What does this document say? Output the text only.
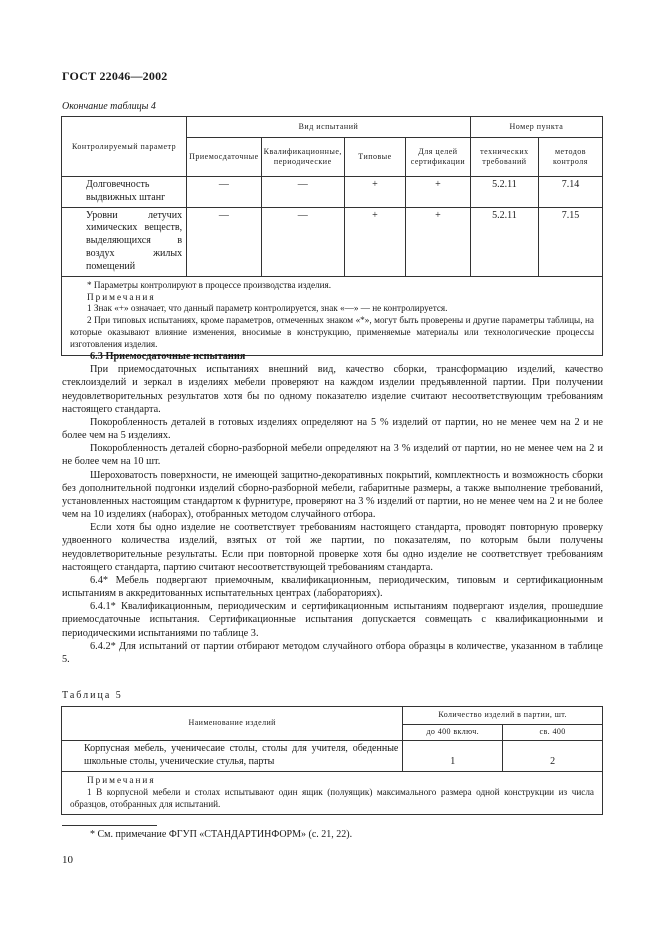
ГОСТ 22046—2002
Окончание таблицы 4
Контролируемый параметр	Вид испытаний				Номер пункта	
	Приемоcдаточные	Квалификационные, периодические	Типовые	Для целей сертификации	технических требований	методов контроля
Долговечность выдвижных штанг	—	—	+	+	5.2.11	7.14
Уровни летучих химических веществ, выделяющихся в воздух жилых помещений	—	—	+	+	5.2.11	7.15

* Параметры контролируют в процессе производства изделия.

Примечания

1 Знак «+» означает, что данный параметр контролируется, знак «—» — не контролируется.

2 При типовых испытаниях, кроме параметров, отмеченных знаком «*», могут быть проверены и другие параметры таблицы, на которые оказывают влияние изменения, вносимые в конструкцию, применяемые материалы или технологические процессы изготовления изделия.						

6.3 Приемосдаточные испытания

При приемосдаточных испытаниях внешний вид, качество сборки, трансформацию изделий, качество стеклоизделий и зеркал в изделиях мебели проверяют на каждом изделии предъявленной партии. При получении неудовлетворительных результатов хотя бы по одному показателю изделие считают несоответствующим требованиям настоящего стандарта.

Покоробленность деталей в готовых изделиях определяют на 5 % изделий от партии, но не менее чем на 2 и не более чем на 5 изделиях.

Покоробленность деталей сборно-разборной мебели определяют на 3 % изделий от партии, но не менее чем на 2 и не более чем на 10 шт.

Шероховатость поверхности, не имеющей защитно-декоративных покрытий, комплектность и возможность сборки без дополнительной подгонки изделий сборно-разборной мебели, габаритные размеры, а также выполнение требований, установленных настоящим стандартом к фурнитуре, проверяют на 3 % изделий от партии, но не менее чем на 2 и не более чем на 10 изделиях (наборах), отобранных методом случайного отбора.

Если хотя бы одно изделие не соответствует требованиям настоящего стандарта, проводят повторную проверку удвоенного количества изделий, взятых от той же партии, по показателям, по которым были получены неудовлетворительные результаты. Если при повторной проверке хотя бы одно изделие не соответствует требованиям настоящего стандарта, партию считают несоответствующей требованиям стандарта.

6.4* Мебель подвергают приемочным, квалификационным, периодическим, типовым и сертификационным испытаниям в аккредитованных испытательных центрах (лабораториях).

6.4.1* Квалификационным, периодическим и сертификационным испытаниям подвергают изделия, прошедшие приемосдаточные испытания. Сертификационные испытания допускается совмещать с квалификационными и периодическими испытаниями по таблице 3.

6.4.2* Для испытаний от партии отбирают методом случайного отбора образцы в количестве, указанном в таблице 5.

Таблица 5
Наименование изделий	Количество изделий в партии, шт.	
	до 400 включ.	св. 400
Корпусная мебель, ученичесаие столы, столы для учителя, обеденные школьные столы, ученические стулья, парты	1	2

Примечания

1 В корпусной мебели и столах испытывают один ящик (полуящик) максимального размера одной конструкции из числа образцов, отобранных для испытаний.		

* См. примечание ФГУП «СТАНДАРТИНФОРМ» (с. 21, 22).
10
